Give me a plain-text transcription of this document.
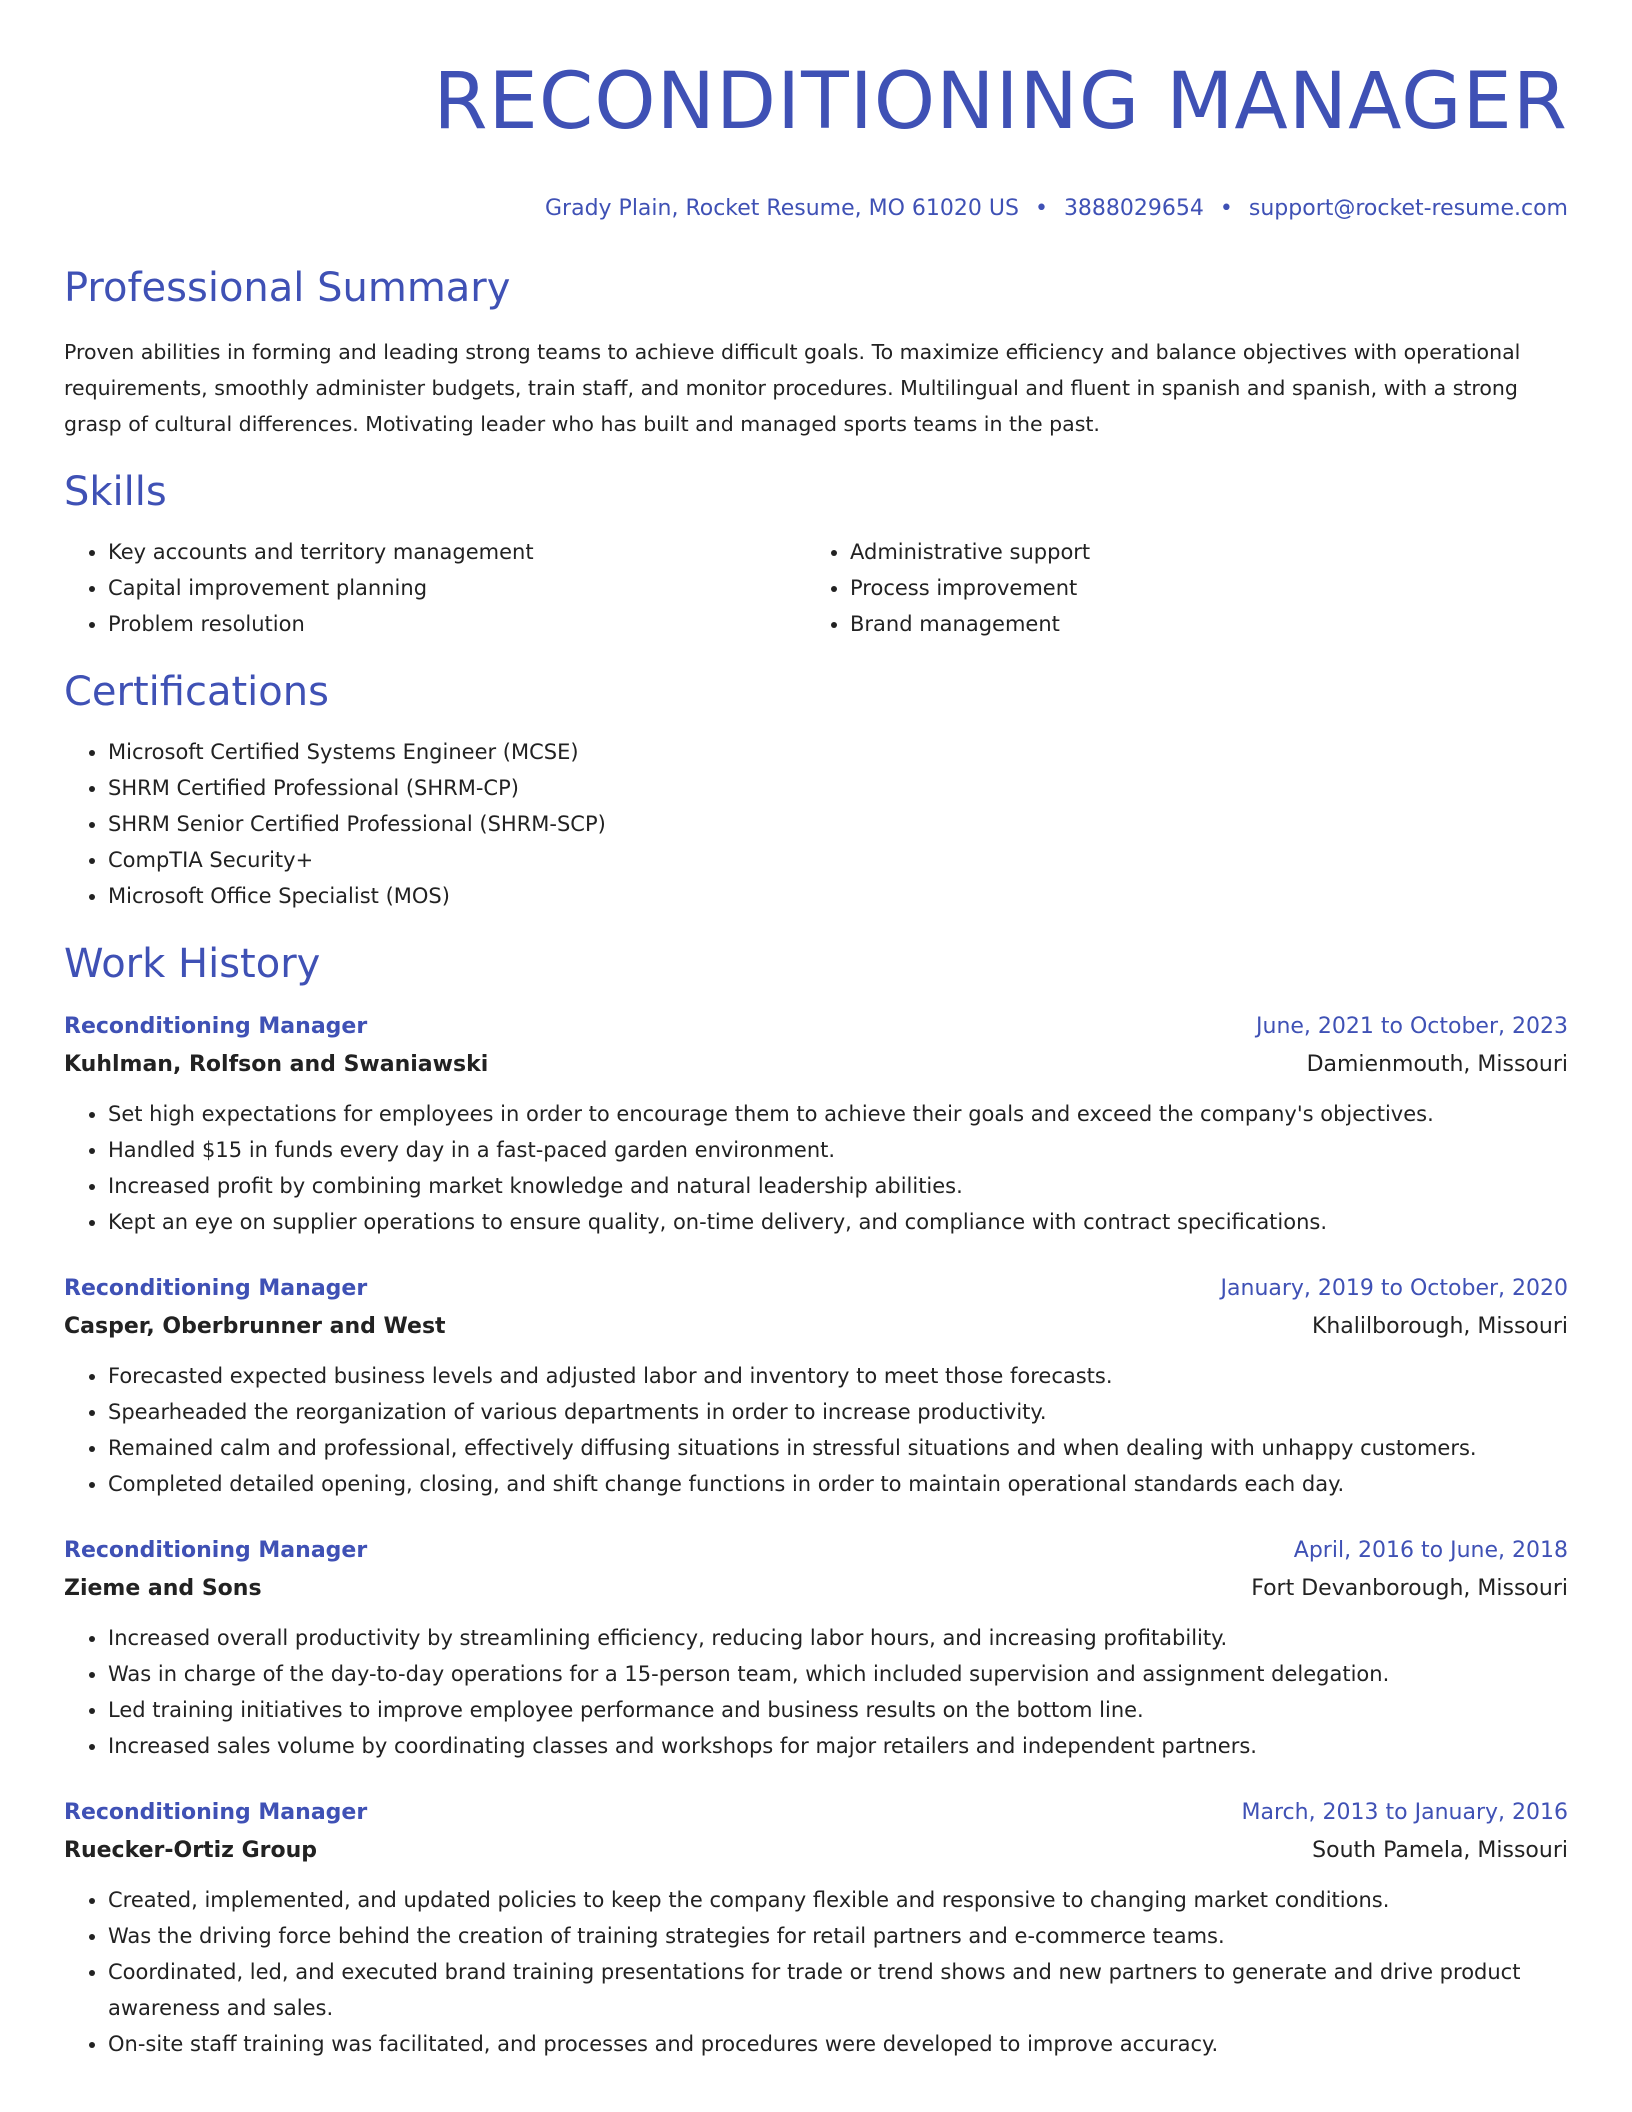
RECONDITIONING MANAGER
Grady Plain, Rocket Resume, MO 61020 US • 3888029654 • support@rocket-resume.com
Professional Summary

Proven abilities in forming and leading strong teams to achieve difficult goals. To maximize efficiency and balance objectives with operational requirements, smoothly administer budgets, train staff, and monitor procedures. Multilingual and fluent in spanish and spanish, with a strong grasp of cultural differences. Motivating leader who has built and managed sports teams in the past.

Skills
• Key accounts and territory management
• Capital improvement planning
• Problem resolution
• Administrative support
• Process improvement
• Brand management
Certifications
• Microsoft Certified Systems Engineer (MCSE)
• SHRM Certified Professional (SHRM-CP)
• SHRM Senior Certified Professional (SHRM-SCP)
• CompTIA Security+
• Microsoft Office Specialist (MOS)
Work History
Reconditioning Manager	June, 2021 to October, 2023
Kuhlman, Rolfson and Swaniawski	Damienmouth, Missouri
• Set high expectations for employees in order to encourage them to achieve their goals and exceed the company's objectives.
• Handled $15 in funds every day in a fast-paced garden environment.
• Increased profit by combining market knowledge and natural leadership abilities.
• Kept an eye on supplier operations to ensure quality, on-time delivery, and compliance with contract specifications.
Reconditioning Manager	January, 2019 to October, 2020
Casper, Oberbrunner and West	Khalilborough, Missouri
• Forecasted expected business levels and adjusted labor and inventory to meet those forecasts.
• Spearheaded the reorganization of various departments in order to increase productivity.
• Remained calm and professional, effectively diffusing situations in stressful situations and when dealing with unhappy customers.
• Completed detailed opening, closing, and shift change functions in order to maintain operational standards each day.
Reconditioning Manager	April, 2016 to June, 2018
Zieme and Sons	Fort Devanborough, Missouri
• Increased overall productivity by streamlining efficiency, reducing labor hours, and increasing profitability.
• Was in charge of the day-to-day operations for a 15-person team, which included supervision and assignment delegation.
• Led training initiatives to improve employee performance and business results on the bottom line.
• Increased sales volume by coordinating classes and workshops for major retailers and independent partners.
Reconditioning Manager	March, 2013 to January, 2016
Ruecker-Ortiz Group	South Pamela, Missouri
• Created, implemented, and updated policies to keep the company flexible and responsive to changing market conditions.
• Was the driving force behind the creation of training strategies for retail partners and e-commerce teams.
• Coordinated, led, and executed brand training presentations for trade or trend shows and new partners to generate and drive product awareness and sales.
• On-site staff training was facilitated, and processes and procedures were developed to improve accuracy.
